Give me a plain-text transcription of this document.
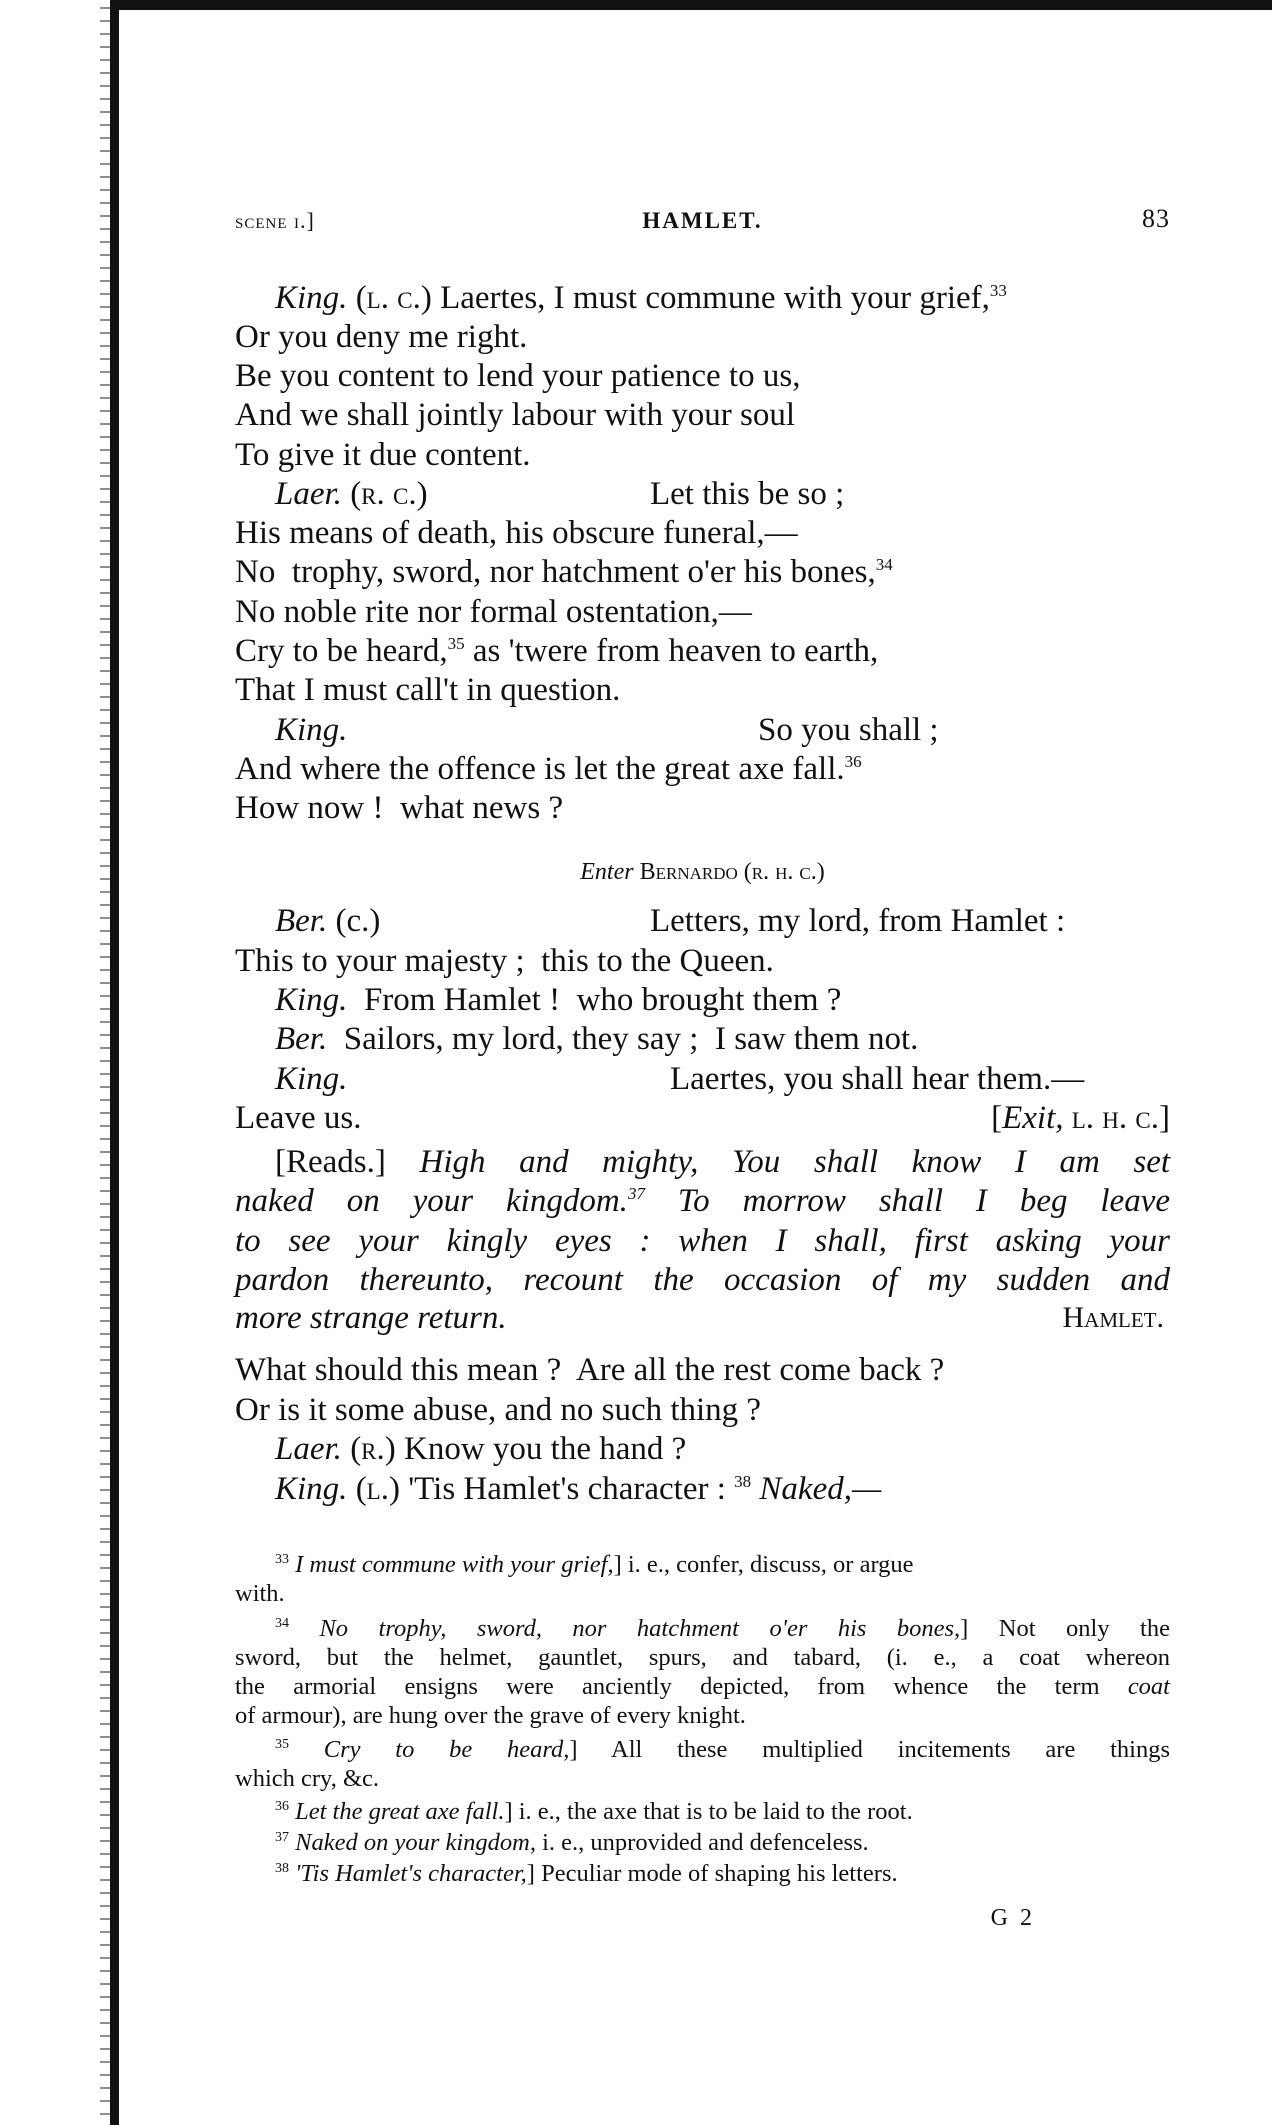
scene i.]	HAMLET.	83
King. (l. c.) Laertes, I must commune with your grief,$^{33}$
Or you deny me right.
Be you content to lend your patience to us,
And we shall jointly labour with your soul
To give it due content.
Laer. (r. c.)	Let this be so ;
His means of death, his obscure funeral,—
No  trophy, sword, nor hatchment o'er his bones,$^{34}$
No noble rite nor formal ostentation,—
Cry to be heard,$^{35}$ as 'twere from heaven to earth,
That I must call't in question.
King.	So you shall ;
And where the offence is let the great axe fall.$^{36}$
How now !  what news ?
Enter Bernardo (r. h. c.)
Ber. (c.)	Letters, my lord, from Hamlet :
This to your majesty ;  this to the Queen.
King.  From Hamlet !  who brought them ?
Ber.  Sailors, my lord, they say ;  I saw them not.
King.	Laertes, you shall hear them.—
Leave us.	[Exit, l. h. c.]
[Reads.] High and mighty, You shall know I am set
naked on your kingdom.$^{37}$ To morrow shall I beg leave
to see your kingly eyes : when I shall, first asking your
pardon thereunto, recount the occasion of my sudden and
more strange return.	Hamlet.
What should this mean ?  Are all the rest come back ?
Or is it some abuse, and no such thing ?
Laer. (r.) Know you the hand ?
King. (l.) 'Tis Hamlet's character : $^{38}$ Naked,—
$^{33}$ I must commune with your grief,] i. e., confer, discuss, or argue
with.
$^{34}$ No trophy, sword, nor hatchment o'er his bones,] Not only the
sword, but the helmet, gauntlet, spurs, and tabard, (i. e., a coat whereon
the armorial ensigns were anciently depicted, from whence the term coat
of armour), are hung over the grave of every knight.
$^{35}$ Cry to be heard,] All these multiplied incitements are things
which cry, &c.
$^{36}$ Let the great axe fall.] i. e., the axe that is to be laid to the root.
$^{37}$ Naked on your kingdom, i. e., unprovided and defenceless.
$^{38}$ 'Tis Hamlet's character,] Peculiar mode of shaping his letters.
G 2
